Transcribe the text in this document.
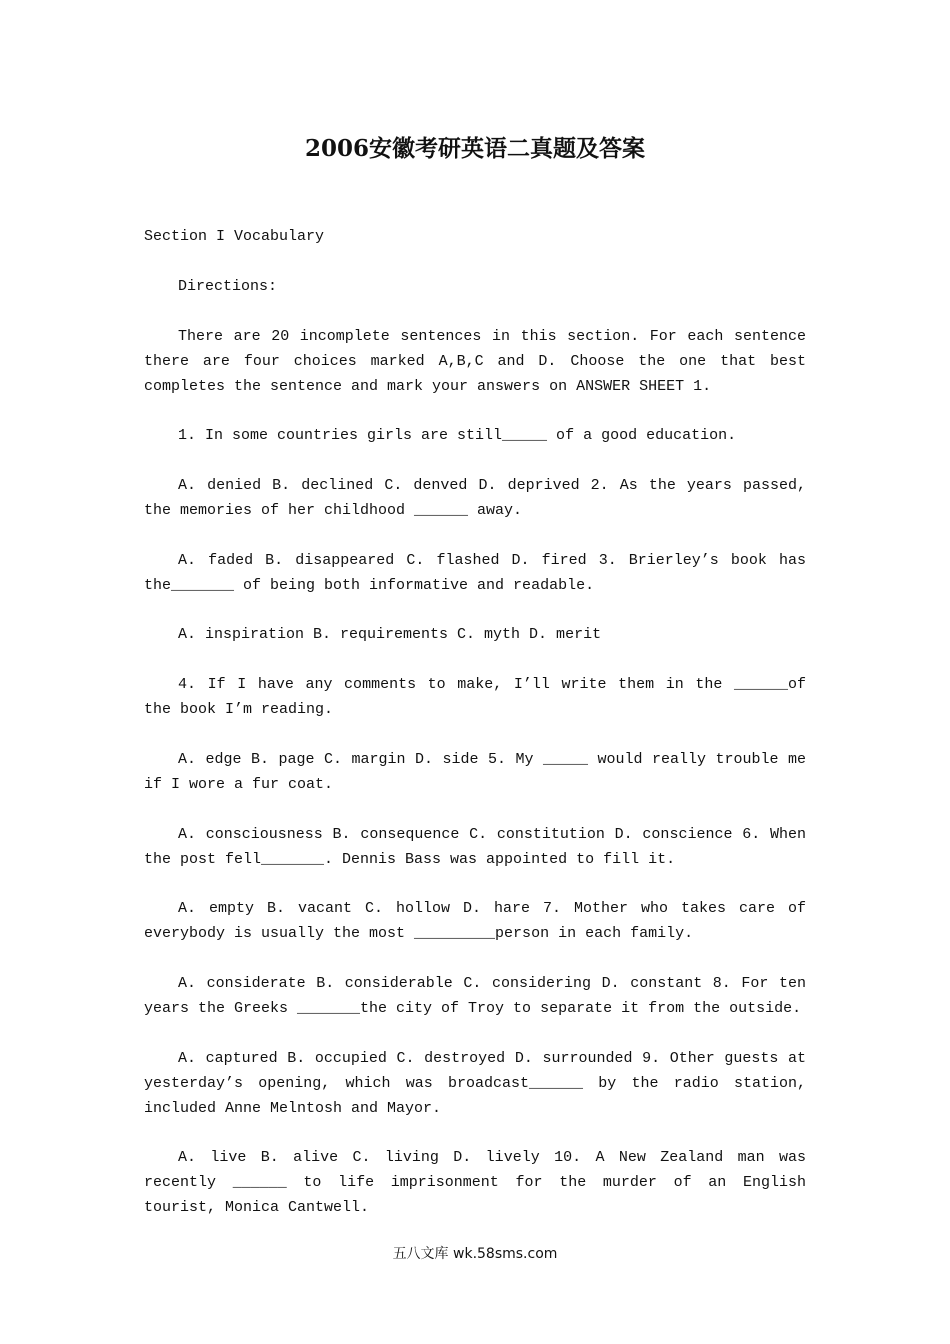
2006安徽考研英语二真题及答案

Section I Vocabulary

Directions:

There are 20 incomplete sentences in this section. For each sentence there are four choices marked A,B,C and D. Choose the one that best completes the sentence and mark your answers on ANSWER SHEET 1.

1. In some countries girls are still_____ of a good education.

A. denied B. declined C. denved D. deprived 2. As the years passed, the memories of her childhood ______ away.

A. faded B. disappeared C. flashed D. fired 3. Brierley’s book has the_______ of being both informative and readable.

A. inspiration B. requirements C. myth D. merit

4. If I have any comments to make, I’ll write them in the ______of the book I’m reading.

A. edge B. page C. margin D. side 5. My _____ would really trouble me if I wore a fur coat.

A. consciousness B. consequence C. constitution D. conscience 6. When the post fell_______. Dennis Bass was appointed to fill it.

A. empty B. vacant C. hollow D. hare 7. Mother who takes care of everybody is usually the most _________person in each family.

A. considerate B. considerable C. considering D. constant 8. For ten years the Greeks _______the city of Troy to separate it from the outside.

A. captured B. occupied C. destroyed D. surrounded 9. Other guests at yesterday’s opening, which was broadcast______ by the radio station, included Anne Melntosh and Mayor.

A. live B. alive C. living D. lively 10. A New Zealand man was recently ______ to life imprisonment for the murder of an English tourist, Monica Cantwell.

五八文库 wk.58sms.com
